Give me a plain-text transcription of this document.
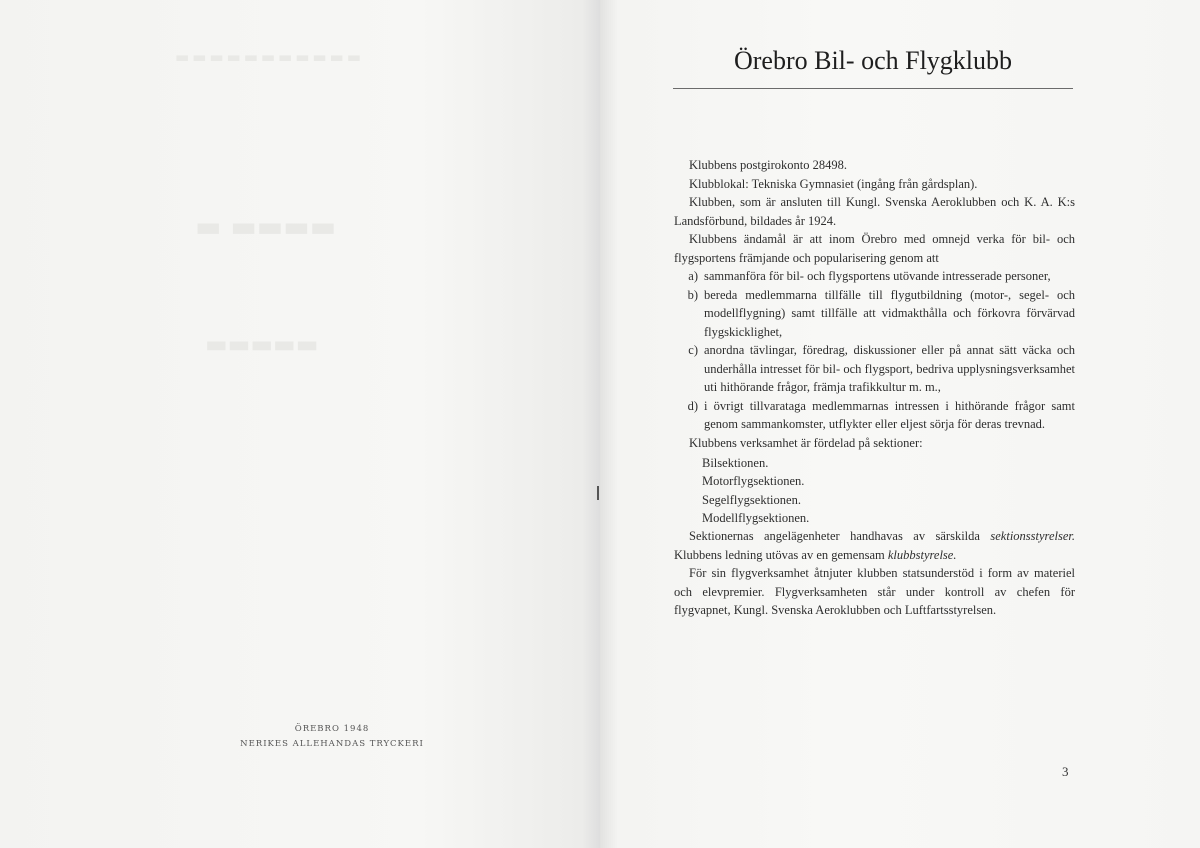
▬▬▬▬▬▬▬▬▬▬▬
▬ ▬▬▬▬
▬▬▬▬▬
ÖREBRO 1948
NERIKES ALLEHANDAS TRYCKERI
Örebro Bil- och Flygklubb

Klubbens postgirokonto 28498.

Klubblokal: Tekniska Gymnasiet (ingång från gårdsplan).

Klubben, som är ansluten till Kungl. Svenska Aeroklubben och K. A. K:s Landsförbund, bildades år 1924.

Klubbens ändamål är att inom Örebro med omnejd verka för bil- och flygsportens främjande och popularisering genom att

a) sammanföra för bil- och flygsportens utövande intresserade personer,
b) bereda medlemmarna tillfälle till flygutbildning (motor-, segel- och modellflygning) samt tillfälle att vidmakthålla och förkovra förvärvad flygskicklighet,
c) anordna tävlingar, föredrag, diskussioner eller på annat sätt väcka och underhålla intresset för bil- och flygsport, bedriva upplysningsverksamhet uti hithörande frågor, främja trafikkultur m. m.,
d) i övrigt tillvarataga medlemmarnas intressen i hithörande frågor samt genom sammankomster, utflykter eller eljest sörja för deras trevnad.

Klubbens verksamhet är fördelad på sektioner:

Bilsektionen.
Motorflygsektionen.
Segelflygsektionen.
Modellflygsektionen.

Sektionernas angelägenheter handhavas av särskilda sektionsstyrelser. Klubbens ledning utövas av en gemensam klubbstyrelse.

För sin flygverksamhet åtnjuter klubben statsunderstöd i form av materiel och elevpremier. Flygverksamheten står under kontroll av chefen för flygvapnet, Kungl. Svenska Aeroklubben och Luftfartsstyrelsen.

3
